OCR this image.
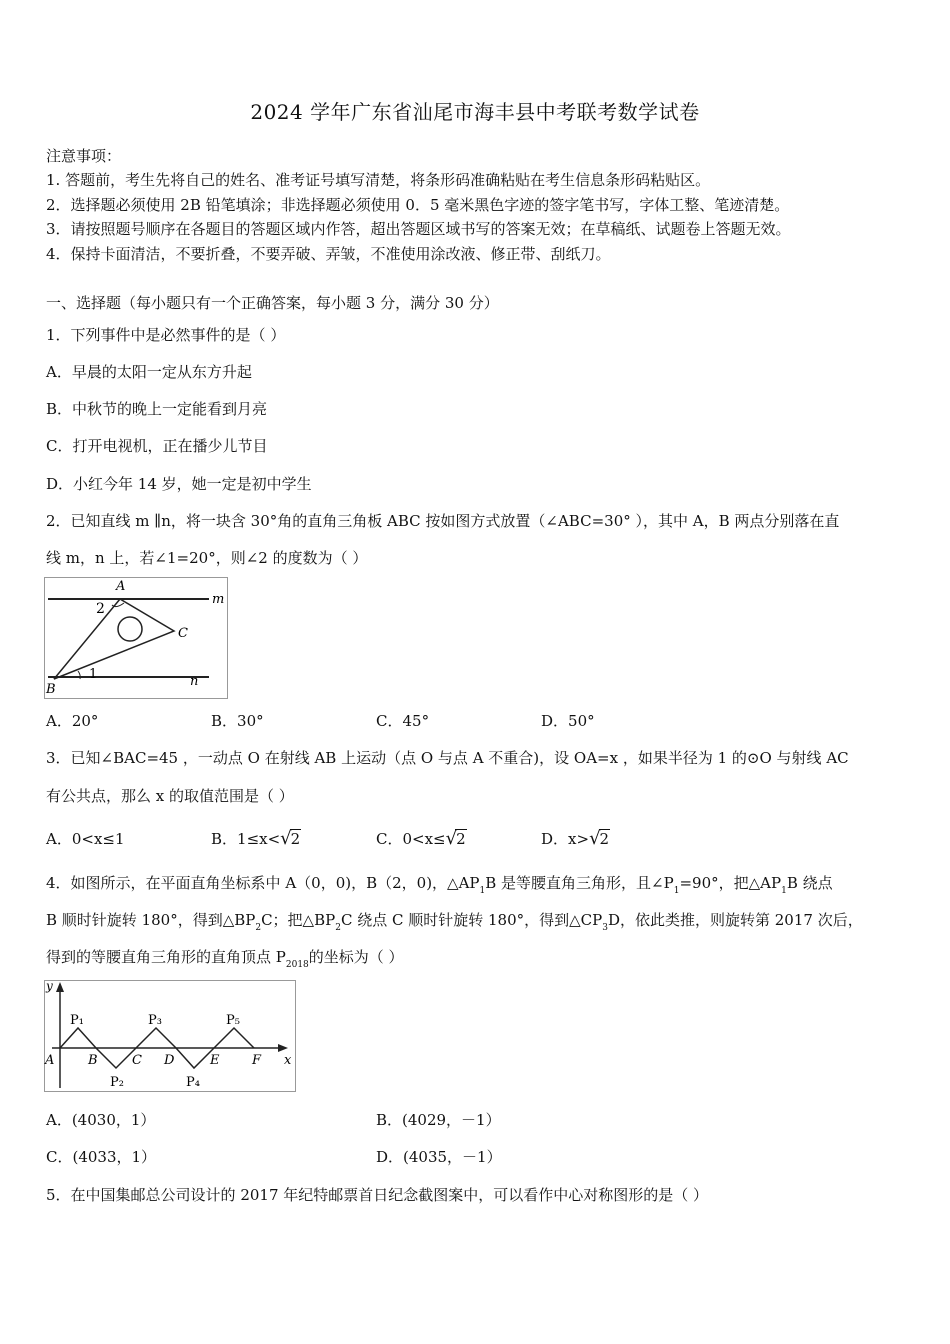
2024 学年广东省汕尾市海丰县中考联考数学试卷
注意事项：
1. 答题前，考生先将自己的姓名、准考证号填写清楚，将条形码准确粘贴在考生信息条形码粘贴区。
2．选择题必须使用 2B 铅笔填涂；非选择题必须使用 0．5 毫米黑色字迹的签字笔书写，字体工整、笔迹清楚。
3．请按照题号顺序在各题目的答题区域内作答，超出答题区域书写的答案无效；在草稿纸、试题卷上答题无效。
4．保持卡面清洁，不要折叠，不要弄破、弄皱，不准使用涂改液、修正带、刮纸刀。
一、选择题（每小题只有一个正确答案，每小题 3 分，满分 30 分）
1．下列事件中是必然事件的是（ ）
A．早晨的太阳一定从东方升起
B．中秋节的晚上一定能看到月亮
C．打开电视机，正在播少儿节目
D．小红今年 14 岁，她一定是初中学生
2．已知直线 m ∥n，将一块含 30°角的直角三角板 ABC 按如图方式放置（∠ABC=30° ），其中 A，B 两点分别落在直
线 m，n 上，若∠1=20°，则∠2 的度数为（ ）
A
B
C
m
n
1
2
A．20°	B．30°	C．45°	D．50°
3．已知∠BAC=45 ，一动点 O 在射线 AB 上运动（点 O 与点 A 不重合)，设 OA=x ，如果半径为 1 的⊙O 与射线 AC
有公共点，那么 x 的取值范围是（ ）
A．0<x≤1	B．1≤x<√2	C．0<x≤√2	D．x>√2
4．如图所示，在平面直角坐标系中 A（0，0)，B（2，0)，$\triangle AP_1B$ 是等腰直角三角形，且$\angle P_1=90^\circ$，把$\triangle AP_1B$ 绕点
B 顺时针旋转 180°，得到$\triangle BP_2C$；把$\triangle BP_2C$ 绕点 C 顺时针旋转 180°，得到$\triangle CP_3D$，依此类推，则旋转第 2017 次后，
得到的等腰直角三角形的直角顶点 $P_{2018}$的坐标为（ ）
y
x
A	B	C D	E	F
P₁
P₂
P₃
P₄
P₅
A．(4030，1）	B．(4029，－1）
C．(4033，1）	D．(4035，－1）
5．在中国集邮总公司设计的 2017 年纪特邮票首日纪念截图案中，可以看作中心对称图形的是（ ）
